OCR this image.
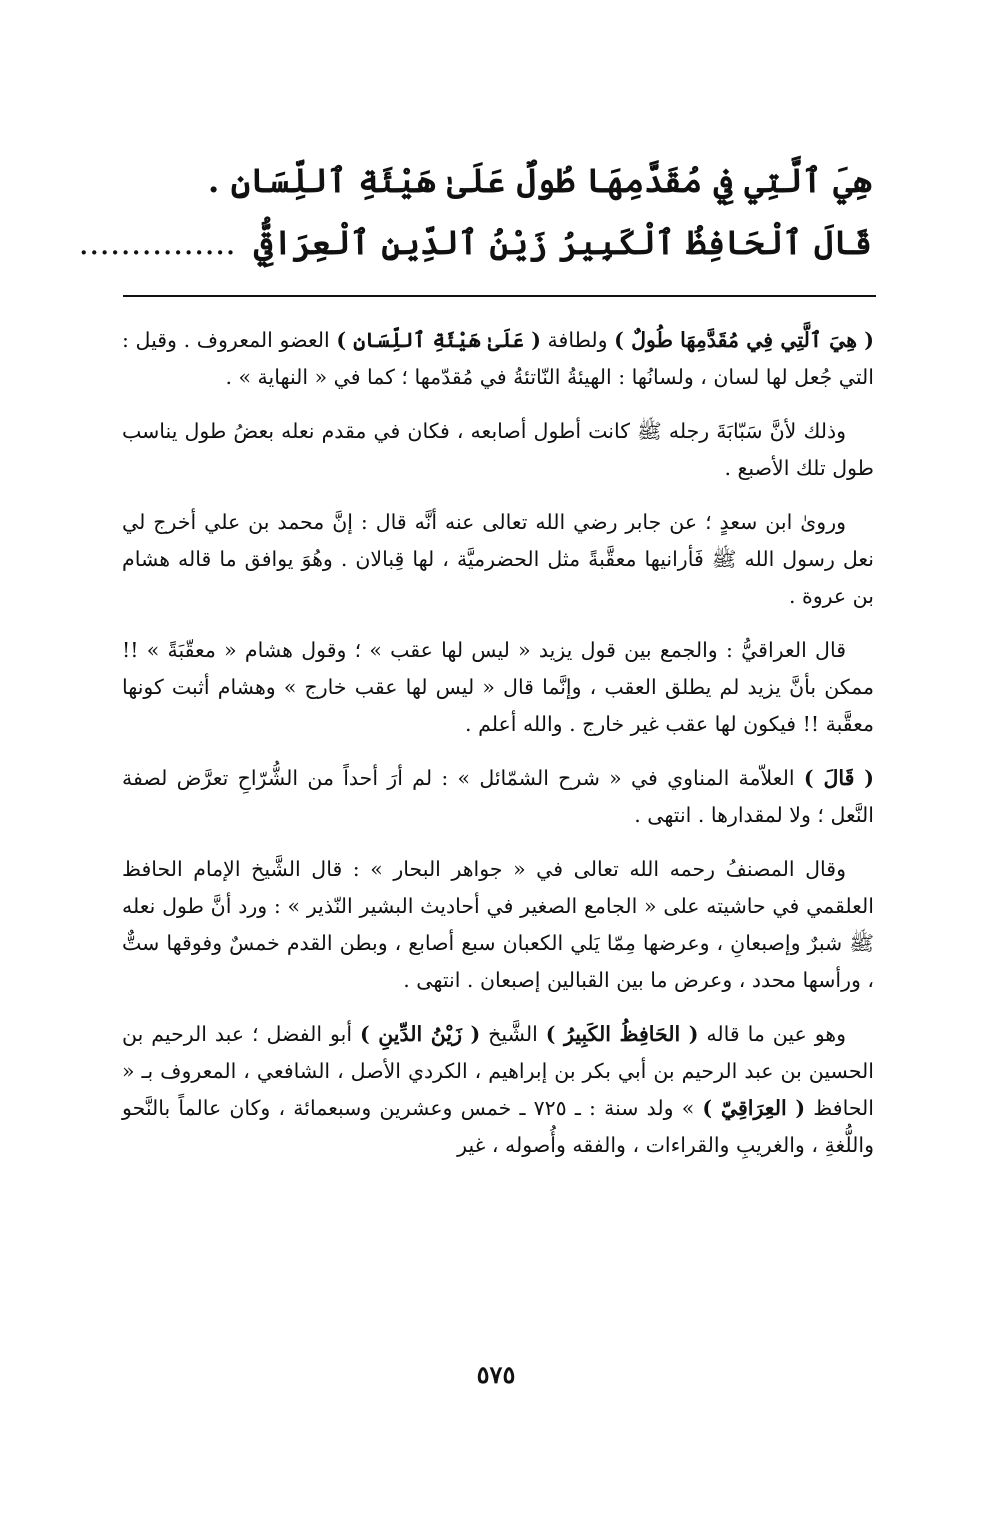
هِيَ ٱلَّتِي فِي مُقَدَّمِهَا طُولٌ عَلَىٰ هَيْئَةِ ٱللِّسَانِ .
قَالَ ٱلْحَافِظُ ٱلْكَبِيرُ زَيْنُ ٱلدِّينِ ٱلْعِرَاقِيُّ...............

( هِيَ ٱلَّتِي فِي مُقَدَّمِهَا طُولٌ ) ولطافة ( عَلَىٰ هَيْئَةِ ٱللِّسَانِ ) العضو المعروف . وقيل : التي جُعل لها لسان ، ولسانُها : الهيئةُ النّاتئةُ في مُقدّمها ؛ كما في « النهاية » .

وذلك لأنَّ سَبّابَةَ رجله ﷺ كانت أطول أصابعه ، فكان في مقدم نعله بعضُ طول يناسب طول تلك الأصبع .

وروىٰ ابن سعدٍ ؛ عن جابر رضي الله تعالى عنه أنَّه قال : إنَّ محمد بن علي أخرج لي نعل رسول الله ﷺ فَأرانيها معقَّبةً مثل الحضرميَّة ، لها قِبالان . وهُوَ يوافق ما قاله هشام بن عروة .

قال العراقيُّ : والجمع بين قول يزيد « ليس لها عقب » ؛ وقول هشام « معقّبَةً » !! ممكن بأنَّ يزيد لم يطلق العقب ، وإنَّما قال « ليس لها عقب خارج » وهشام أثبت كونها معقَّبة !! فيكون لها عقب غير خارج . والله أعلم .

( قَالَ ) العلاّمة المناوي في « شرح الشمّائل » : لم أرَ أحداً من الشُّرّاحِ تعرَّض لصفة النَّعل ؛ ولا لمقدارها . انتهى .

وقال المصنفُ رحمه الله تعالى في « جواهر البحار » : قال الشَّيخ الإمام الحافظ العلقمي في حاشيته على « الجامع الصغير في أحاديث البشير النّذير » : ورد أنَّ طول نعله ﷺ شبرٌ وإصبعانِ ، وعرضها مِمّا يَلي الكعبان سبع أصابع ، وبطن القدم خمسٌ وفوقها ستٌّ ، ورأسها محدد ، وعرض ما بين القبالين إصبعان . انتهى .

وهو عين ما قاله ( الحَافِظُ الكَبِيرُ ) الشَّيخ ( زَيْنُ الدِّينِ ) أبو الفضل ؛ عبد الرحيم بن الحسين بن عبد الرحيم بن أبي بكر بن إبراهيم ، الكردي الأصل ، الشافعي ، المعروف بـ « الحافظ ( العِرَاقِيّ ) » ولد سنة : ـ ٧٢٥ ـ خمس وعشرين وسبعمائة ، وكان عالماً بالنَّحو واللُّغةِ ، والغريبِ والقراءات ، والفقه وأُصوله ، غير

٥٧٥
